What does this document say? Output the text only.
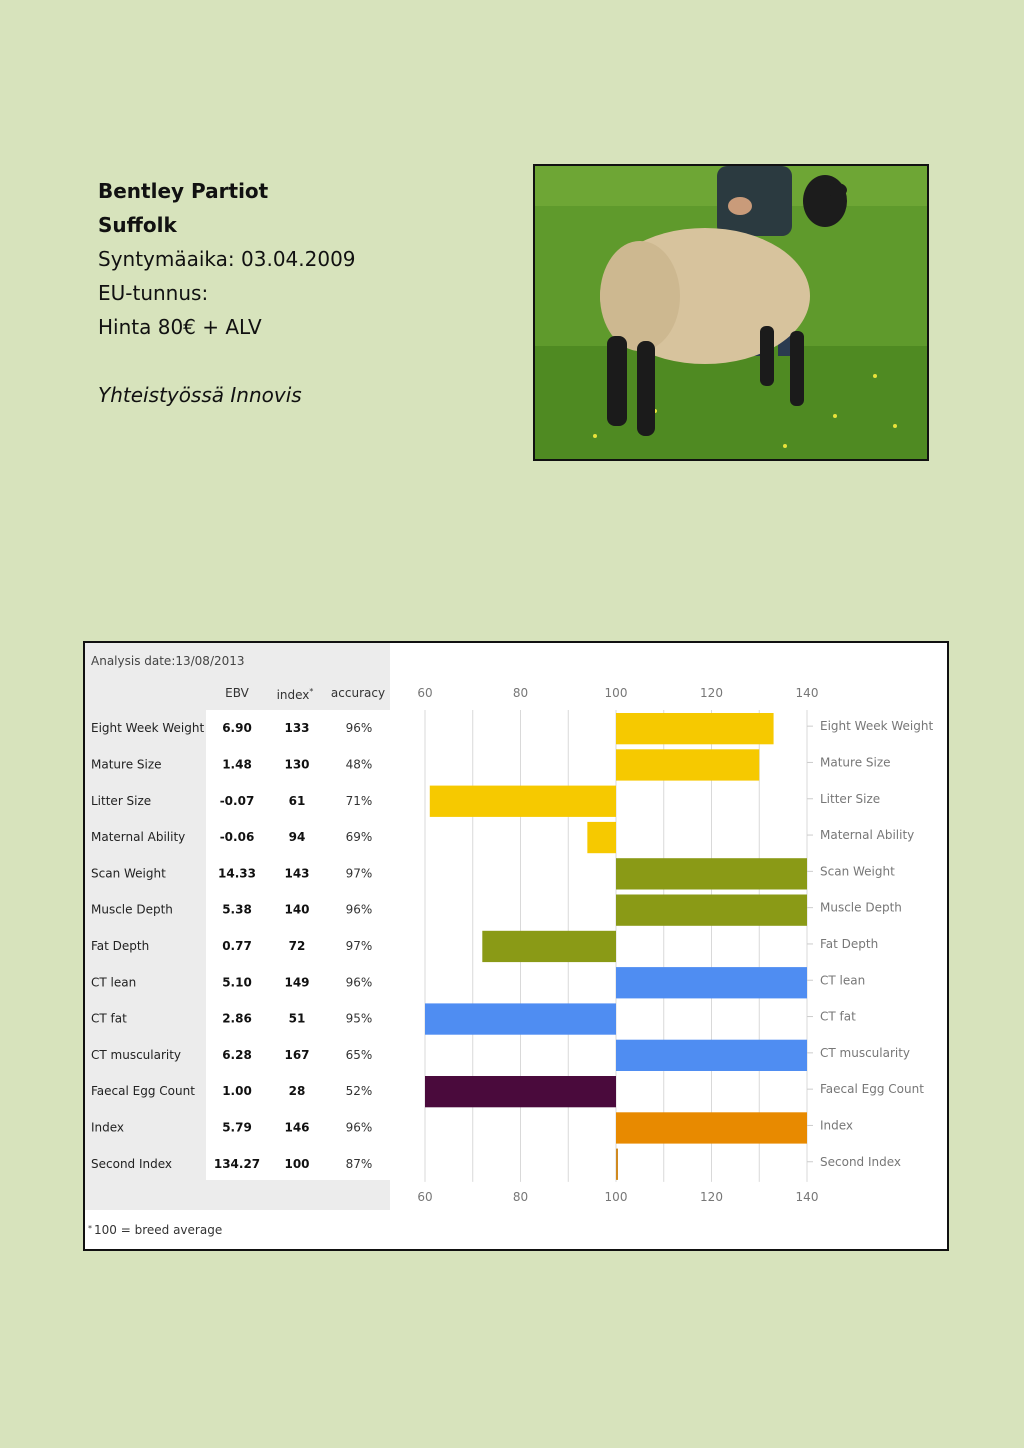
Bentley Partiot
Suffolk
Syntymäaika: 03.04.2009
EU-tunnus:
Hinta 80€ + ALV
Yhteistyössä Innovis
Analysis date:13/08/2013
EBV index* accuracy
Eight Week Weight
Mature Size
Litter Size
Maternal Ability
Scan Weight
Muscle Depth
Fat Depth
CT lean
CT fat
CT muscularity
Faecal Egg Count
Index
Second Index
Eight Week Weight 6.90	133	96%
Mature Size	1.48	130	48%
Litter Size	-0.07	61	71%
Maternal Ability	-0.06	94	69%
Scan Weight	14.33 143	97%
Muscle Depth	5.38	140	96%
Fat Depth	0.77	72	97%
CT lean	5.10	149	96%
CT fat	2.86	51	95%
CT muscularity	6.28	167	65%
Faecal Egg Count 1.00	28	52%
Index	5.79	146	96%
Second Index	134.27 100	87%
60
60
80
80
100
100
120
120
140
140
* 100 = breed average
